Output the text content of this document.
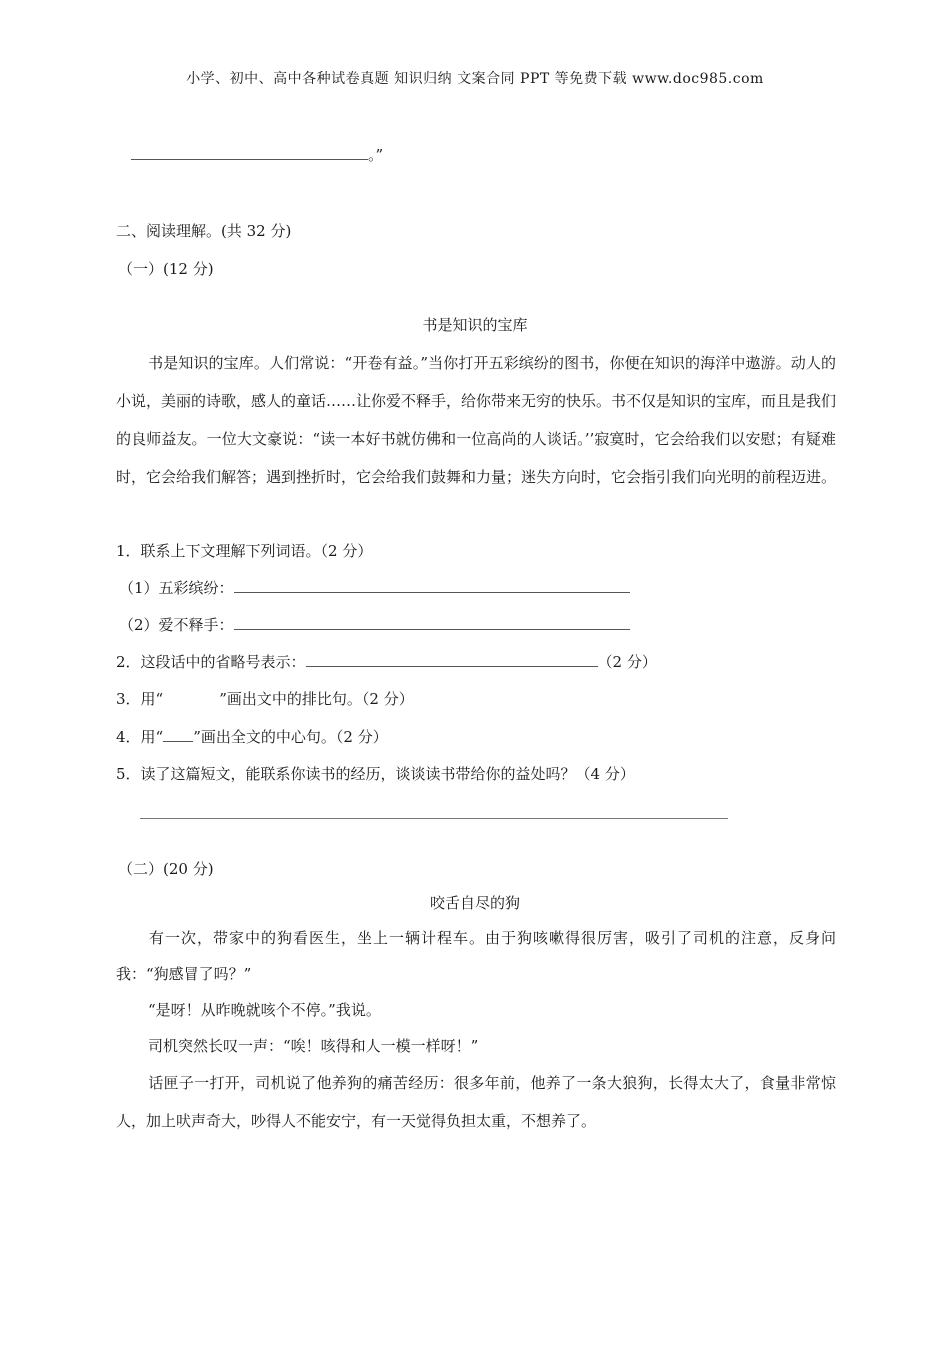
小学、初中、高中各种试卷真题 知识归纳 文案合同 PPT 等免费下载 www.doc985.com
。”
二、阅读理解。(共 32 分)
（一）(12 分)
书是知识的宝库
书是知识的宝库。人们常说：“开卷有益。”当你打开五彩缤纷的图书，你便在知识的海洋中遨游。动人的小说，美丽的诗歌，感人的童话……让你爱不释手，给你带来无穷的快乐。书不仅是知识的宝库，而且是我们的良师益友。一位大文豪说：“读一本好书就仿佛和一位高尚的人谈话。’’寂寞时，它会给我们以安慰；有疑难时，它会给我们解答；遇到挫折时，它会给我们鼓舞和力量；迷失方向时，它会指引我们向光明的前程迈进。
1．联系上下文理解下列词语。（2 分）
（1）五彩缤纷：
（2）爱不释手：
2．这段话中的省略号表示：	（2 分）
3．用“	”画出文中的排比句。（2 分）
4．用“ ”画出全文的中心句。（2 分）
5．读了这篇短文，能联系你读书的经历，谈谈读书带给你的益处吗？（4 分）
（二）(20 分)
咬舌自尽的狗
有一次，带家中的狗看医生，坐上一辆计程车。由于狗咳嗽得很厉害，吸引了司机的注意，反身问我：“狗感冒了吗？”
“是呀！从昨晚就咳个不停。”我说。
司机突然长叹一声：“唉！咳得和人一模一样呀！”
话匣子一打开，司机说了他养狗的痛苦经历：很多年前，他养了一条大狼狗，长得太大了，食量非常惊人，加上吠声奇大，吵得人不能安宁，有一天觉得负担太重，不想养了。
